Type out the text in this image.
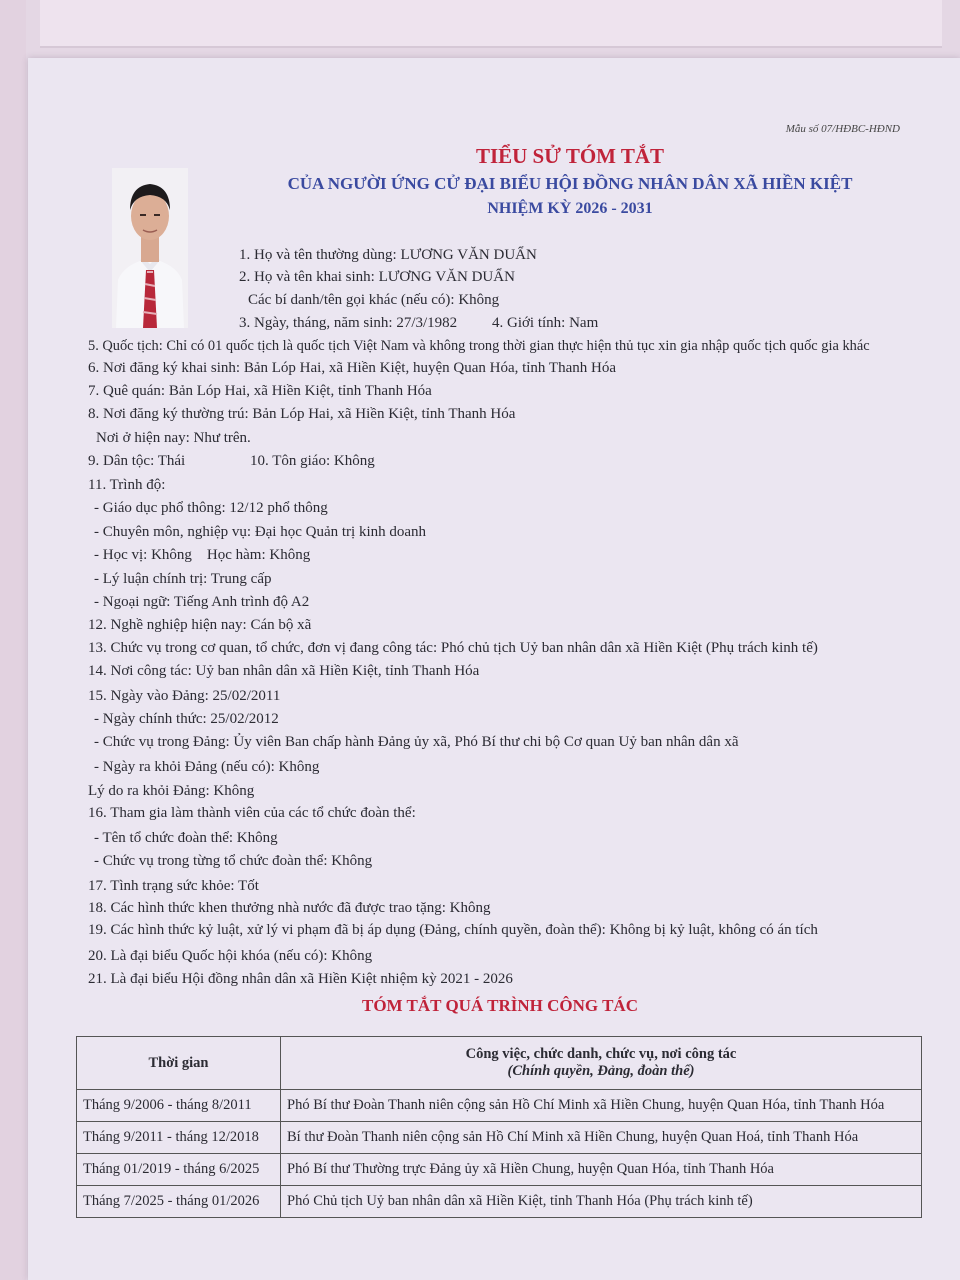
Mẫu số 07/HĐBC-HĐND
TIỂU SỬ TÓM TẮT
CỦA NGƯỜI ỨNG CỬ ĐẠI BIỂU HỘI ĐỒNG NHÂN DÂN XÃ HIỀN KIỆT
NHIỆM KỲ 2026 - 2031
1. Họ và tên thường dùng: LƯƠNG VĂN DUẨN
2. Họ và tên khai sinh: LƯƠNG VĂN DUẨN
Các bí danh/tên gọi khác (nếu có): Không
3. Ngày, tháng, năm sinh: 27/3/1982 4. Giới tính: Nam
5. Quốc tịch: Chỉ có 01 quốc tịch là quốc tịch Việt Nam và không trong thời gian thực hiện thủ tục xin gia nhập quốc tịch quốc gia khác
6. Nơi đăng ký khai sinh: Bản Lóp Hai, xã Hiền Kiệt, huyện Quan Hóa, tỉnh Thanh Hóa
7. Quê quán: Bản Lóp Hai, xã Hiền Kiệt, tỉnh Thanh Hóa
8. Nơi đăng ký thường trú: Bản Lóp Hai, xã Hiền Kiệt, tỉnh Thanh Hóa
Nơi ở hiện nay: Như trên.
9. Dân tộc: Thái	10. Tôn giáo: Không
11. Trình độ:
- Giáo dục phổ thông: 12/12 phổ thông
- Chuyên môn, nghiệp vụ: Đại học Quản trị kinh doanh
- Học vị: Không    Học hàm: Không
- Lý luận chính trị: Trung cấp
- Ngoại ngữ: Tiếng Anh trình độ A2
12. Nghề nghiệp hiện nay: Cán bộ xã
13. Chức vụ trong cơ quan, tổ chức, đơn vị đang công tác: Phó chủ tịch Uỷ ban nhân dân xã Hiền Kiệt (Phụ trách kinh tế)
14. Nơi công tác: Uỷ ban nhân dân xã Hiền Kiệt, tỉnh Thanh Hóa
15. Ngày vào Đảng: 25/02/2011
- Ngày chính thức: 25/02/2012
- Chức vụ trong Đảng: Ủy viên Ban chấp hành Đảng ủy xã, Phó Bí thư chi bộ Cơ quan Uỷ ban nhân dân xã
- Ngày ra khỏi Đảng (nếu có): Không
Lý do ra khỏi Đảng: Không
16. Tham gia làm thành viên của các tổ chức đoàn thể:
- Tên tổ chức đoàn thể: Không
- Chức vụ trong từng tổ chức đoàn thể: Không
17. Tình trạng sức khỏe: Tốt
18. Các hình thức khen thưởng nhà nước đã được trao tặng: Không
19. Các hình thức kỷ luật, xử lý vi phạm đã bị áp dụng (Đảng, chính quyền, đoàn thể): Không bị kỷ luật, không có án tích
20. Là đại biểu Quốc hội khóa (nếu có): Không
21. Là đại biểu Hội đồng nhân dân xã Hiền Kiệt nhiệm kỳ 2021 - 2026
TÓM TẮT QUÁ TRÌNH CÔNG TÁC
Thời gian	Công việc, chức danh, chức vụ, nơi công tác
(Chính quyền, Đảng, đoàn thể)

Tháng 9/2006 - tháng 8/2011	Phó Bí thư Đoàn Thanh niên cộng sản Hồ Chí Minh xã Hiền Chung, huyện Quan Hóa, tỉnh Thanh Hóa
Tháng 9/2011 - tháng 12/2018	Bí thư Đoàn Thanh niên cộng sản Hồ Chí Minh xã Hiền Chung, huyện Quan Hoá, tỉnh Thanh Hóa
Tháng 01/2019 - tháng 6/2025	Phó Bí thư Thường trực Đảng ủy xã Hiền Chung, huyện Quan Hóa, tỉnh Thanh Hóa
Tháng 7/2025 - tháng 01/2026	Phó Chủ tịch Uỷ ban nhân dân xã Hiền Kiệt, tỉnh Thanh Hóa (Phụ trách kinh tế)
